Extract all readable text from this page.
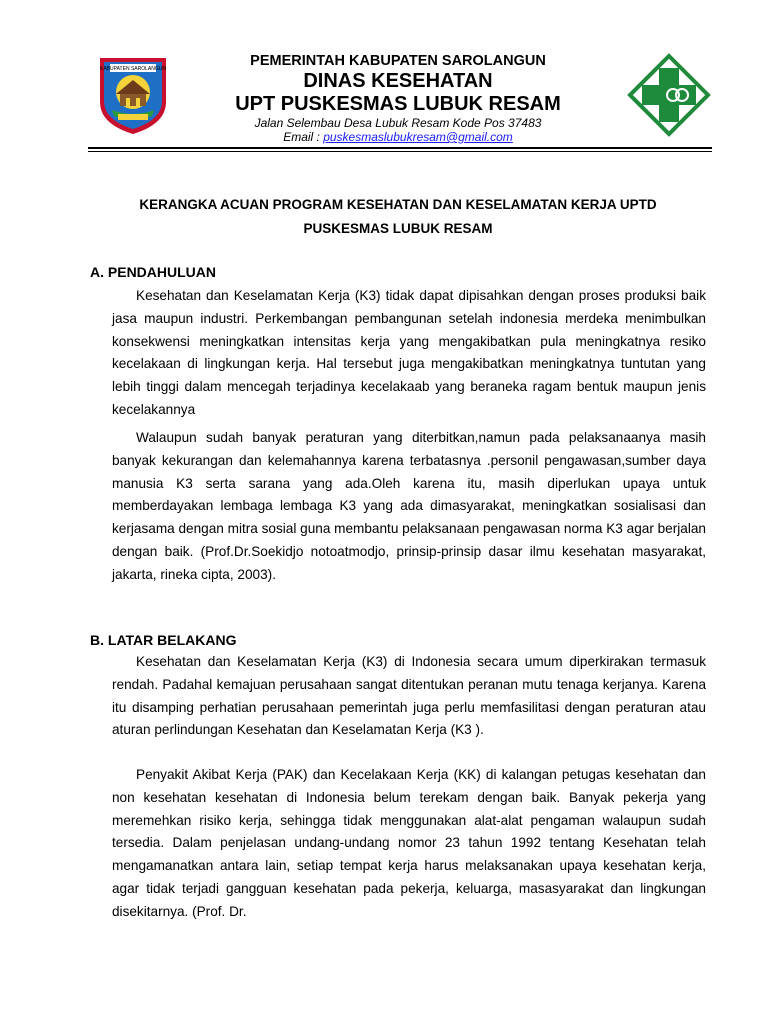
KABUPATEN SAROLANGUN	PEMERINTAH KABUPATEN SAROLANGUN
DINAS KESEHATAN
UPT PUSKESMAS LUBUK RESAM
Jalan Selembau Desa Lubuk Resam Kode Pos 37483
Email : puskesmaslubukresam@gmail.com
KERANGKA ACUAN PROGRAM KESEHATAN DAN KESELAMATAN KERJA UPTD
PUSKESMAS LUBUK RESAM
A. PENDAHULUAN

Kesehatan dan Keselamatan Kerja (K3) tidak dapat dipisahkan dengan proses produksi baik jasa maupun industri. Perkembangan pembangunan setelah indonesia merdeka menimbulkan konsekwensi meningkatkan intensitas kerja yang mengakibatkan pula meningkatnya resiko kecelakaan di lingkungan kerja. Hal tersebut juga mengakibatkan meningkatnya tuntutan yang lebih tinggi dalam mencegah terjadinya kecelakaab yang beraneka ragam bentuk maupun jenis kecelakannya

Walaupun sudah banyak peraturan yang diterbitkan,namun pada pelaksanaanya masih banyak kekurangan dan kelemahannya karena terbatasnya .personil pengawasan,sumber daya manusia K3 serta sarana yang ada.Oleh karena itu, masih diperlukan upaya untuk memberdayakan lembaga lembaga K3 yang ada dimasyarakat, meningkatkan sosialisasi dan kerjasama dengan mitra sosial guna membantu pelaksanaan pengawasan norma K3 agar berjalan dengan baik. (Prof.Dr.Soekidjo notoatmodjo, prinsip-prinsip dasar ilmu kesehatan masyarakat, jakarta, rineka cipta, 2003).

B. LATAR BELAKANG

Kesehatan dan Keselamatan Kerja (K3) di Indonesia secara umum diperkirakan termasuk rendah. Padahal kemajuan perusahaan sangat ditentukan peranan mutu tenaga kerjanya. Karena itu disamping perhatian perusahaan pemerintah juga perlu memfasilitasi dengan peraturan atau aturan perlindungan Kesehatan dan Keselamatan Kerja (K3 ).

Penyakit Akibat Kerja (PAK) dan Kecelakaan Kerja (KK) di kalangan petugas kesehatan dan non kesehatan kesehatan di Indonesia belum terekam dengan baik. Banyak pekerja yang meremehkan risiko kerja, sehingga tidak menggunakan alat-alat pengaman walaupun sudah tersedia. Dalam penjelasan undang-undang nomor 23 tahun 1992 tentang Kesehatan telah mengamanatkan antara lain, setiap tempat kerja harus melaksanakan upaya kesehatan kerja, agar tidak terjadi gangguan kesehatan pada pekerja, keluarga, masasyarakat dan lingkungan disekitarnya. (Prof. Dr.
